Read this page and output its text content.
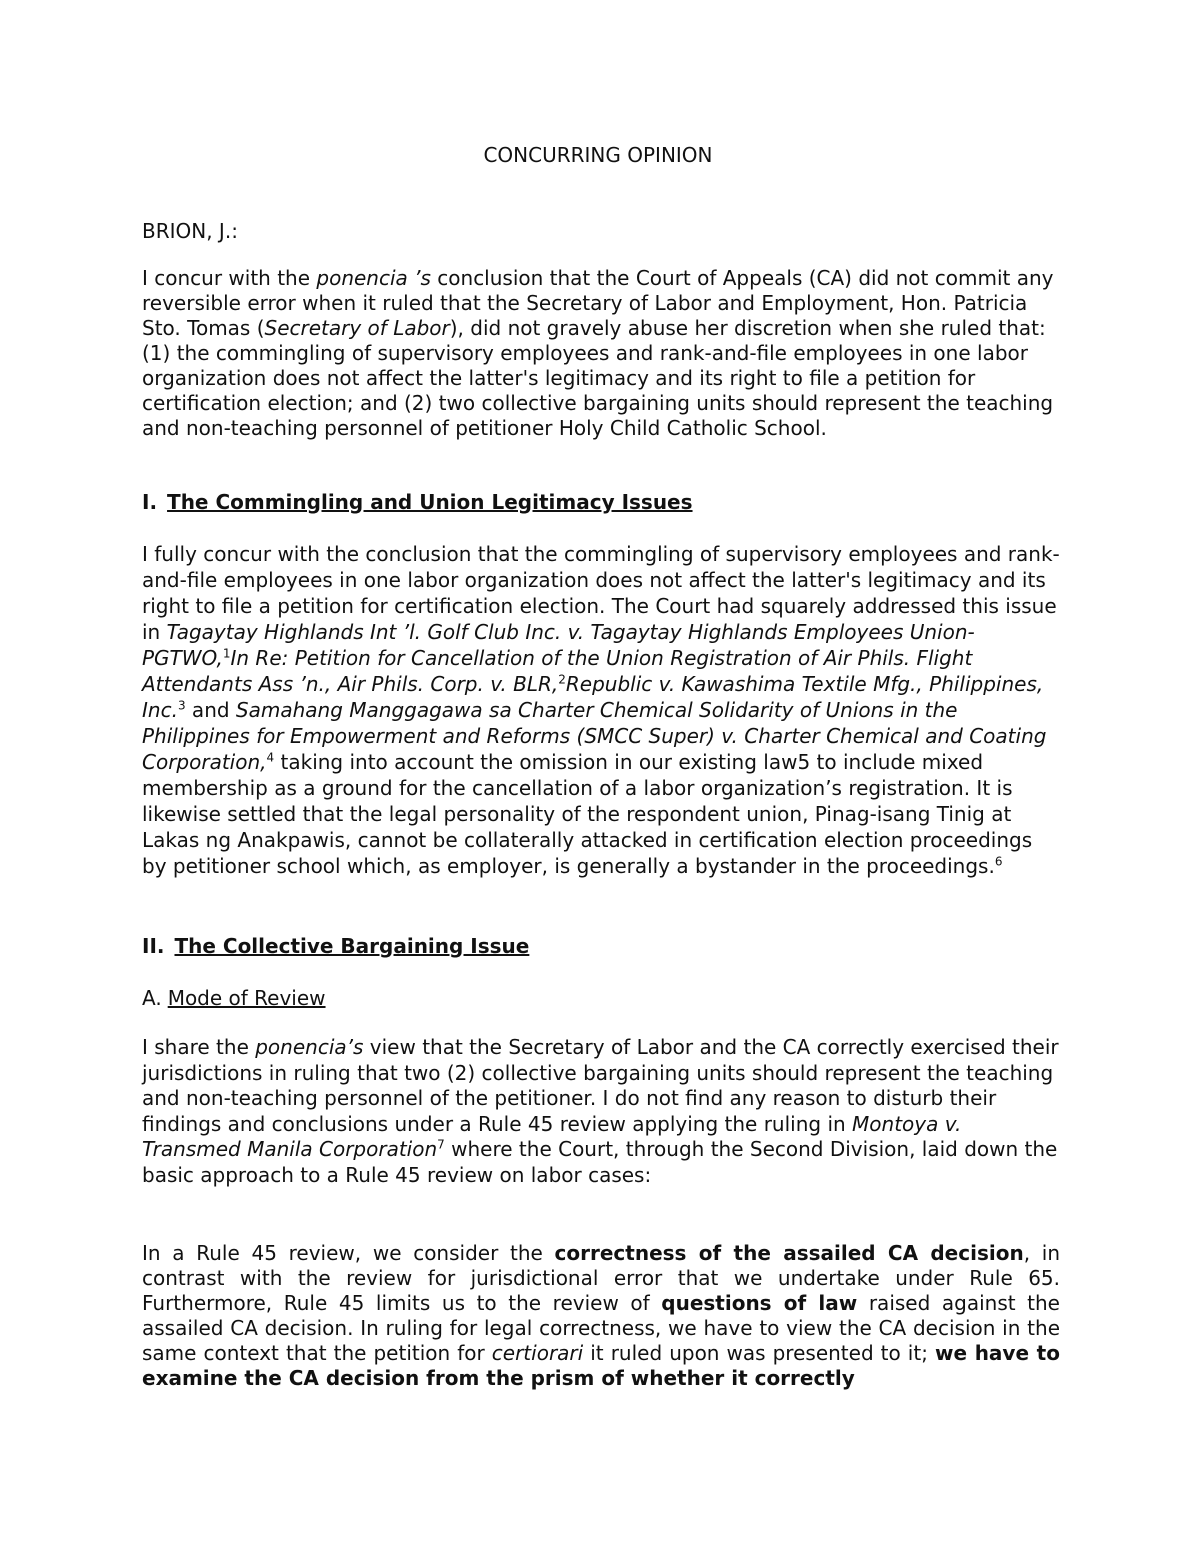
CONCURRING OPINION
BRION, J.:
I concur with the ponencia ’s conclusion that the Court of Appeals (CA) did not commit any reversible error when it ruled that the Secretary of Labor and Employment, Hon. Patricia Sto. Tomas (Secretary of Labor), did not gravely abuse her discretion when she ruled that: (1) the commingling of supervisory employees and rank-and-file employees in one labor organization does not affect the latter's legitimacy and its right to file a petition for certification election; and (2) two collective bargaining units should represent the teaching and non-teaching personnel of petitioner Holy Child Catholic School.
I. The Commingling and Union Legitimacy Issues
I fully concur with the conclusion that the commingling of supervisory employees and rank-and-file employees in one labor organization does not affect the latter's legitimacy and its right to file a petition for certification election. The Court had squarely addressed this issue in Tagaytay Highlands Int ’l. Golf Club Inc. v. Tagaytay Highlands Employees Union-PGTWO,$^1$In Re: Petition for Cancellation of the Union Registration of Air Phils. Flight Attendants Ass ’n., Air Phils. Corp. v. BLR,$^2$Republic v. Kawashima Textile Mfg., Philippines, Inc.$^3$ and Samahang Manggagawa sa Charter Chemical Solidarity of Unions in the Philippines for Empowerment and Reforms (SMCC Super) v. Charter Chemical and Coating Corporation,$^4$ taking into account the omission in our existing law5 to include mixed membership as a ground for the cancellation of a labor organization’s registration. It is likewise settled that the legal personality of the respondent union, Pinag-isang Tinig at Lakas ng Anakpawis, cannot be collaterally attacked in certification election proceedings by petitioner school which, as employer, is generally a bystander in the proceedings.$^6$
II. The Collective Bargaining Issue
A. Mode of Review
I share the ponencia’s view that the Secretary of Labor and the CA correctly exercised their jurisdictions in ruling that two (2) collective bargaining units should represent the teaching and non-teaching personnel of the petitioner. I do not find any reason to disturb their findings and conclusions under a Rule 45 review applying the ruling in Montoya v. Transmed Manila Corporation$^7$ where the Court, through the Second Division, laid down the basic approach to a Rule 45 review on labor cases:
In a Rule 45 review, we consider the correctness of the assailed CA decision, in contrast with the review for jurisdictional error that we undertake under Rule 65. Furthermore, Rule 45 limits us to the review of questions of law raised against the assailed CA decision. In ruling for legal correctness, we have to view the CA decision in the same context that the petition for certiorari it ruled upon was presented to it; we have to examine the CA decision from the prism of whether it correctly
